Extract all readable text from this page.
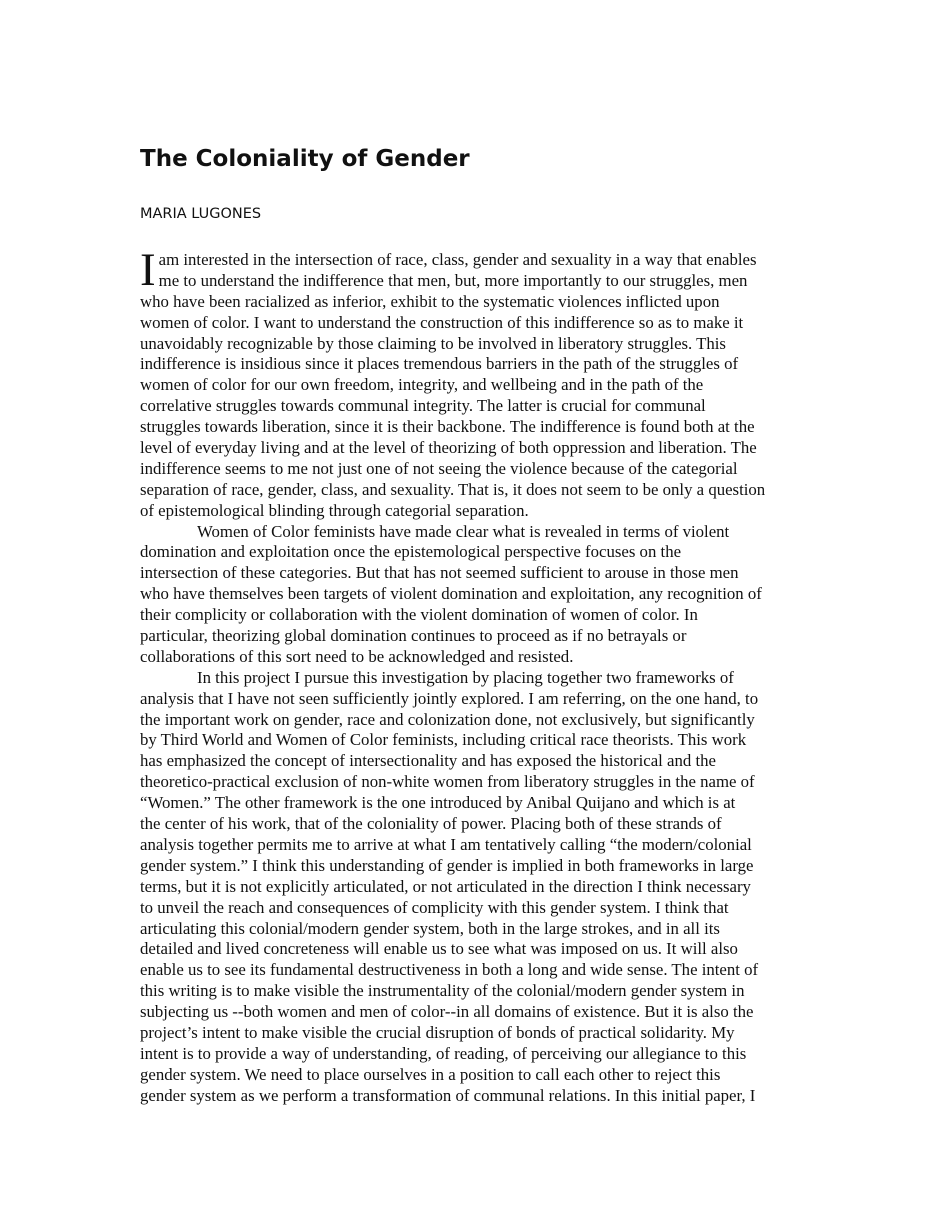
The Coloniality of Gender
MARIA LUGONES
I am interested in the intersection of race, class, gender and sexuality in a way that enables
me to understand the indifference that men, but, more importantly to our struggles, men
who have been racialized as inferior, exhibit to the systematic violences inflicted upon
women of color. I want to understand the construction of this indifference so as to make it
unavoidably recognizable by those claiming to be involved in liberatory struggles. This
indifference is insidious since it places tremendous barriers in the path of the struggles of
women of color for our own freedom, integrity, and wellbeing and in the path of the
correlative struggles towards communal integrity. The latter is crucial for communal
struggles towards liberation, since it is their backbone. The indifference is found both at the
level of everyday living and at the level of theorizing of both oppression and liberation. The
indifference seems to me not just one of not seeing the violence because of the categorial
separation of race, gender, class, and sexuality. That is, it does not seem to be only a question
of epistemological blinding through categorial separation.
Women of Color feminists have made clear what is revealed in terms of violent
domination and exploitation once the epistemological perspective focuses on the
intersection of these categories. But that has not seemed sufficient to arouse in those men
who have themselves been targets of violent domination and exploitation, any recognition of
their complicity or collaboration with the violent domination of women of color. In
particular, theorizing global domination continues to proceed as if no betrayals or
collaborations of this sort need to be acknowledged and resisted.
In this project I pursue this investigation by placing together two frameworks of
analysis that I have not seen sufficiently jointly explored. I am referring, on the one hand, to
the important work on gender, race and colonization done, not exclusively, but significantly
by Third World and Women of Color feminists, including critical race theorists. This work
has emphasized the concept of intersectionality and has exposed the historical and the
theoretico-practical exclusion of non-white women from liberatory struggles in the name of
“Women.” The other framework is the one introduced by Anibal Quijano and which is at
the center of his work, that of the coloniality of power. Placing both of these strands of
analysis together permits me to arrive at what I am tentatively calling “the modern/colonial
gender system.” I think this understanding of gender is implied in both frameworks in large
terms, but it is not explicitly articulated, or not articulated in the direction I think necessary
to unveil the reach and consequences of complicity with this gender system. I think that
articulating this colonial/modern gender system, both in the large strokes, and in all its
detailed and lived concreteness will enable us to see what was imposed on us. It will also
enable us to see its fundamental destructiveness in both a long and wide sense. The intent of
this writing is to make visible the instrumentality of the colonial/modern gender system in
subjecting us --both women and men of color--in all domains of existence. But it is also the
project’s intent to make visible the crucial disruption of bonds of practical solidarity. My
intent is to provide a way of understanding, of reading, of perceiving our allegiance to this
gender system. We need to place ourselves in a position to call each other to reject this
gender system as we perform a transformation of communal relations. In this initial paper, I
